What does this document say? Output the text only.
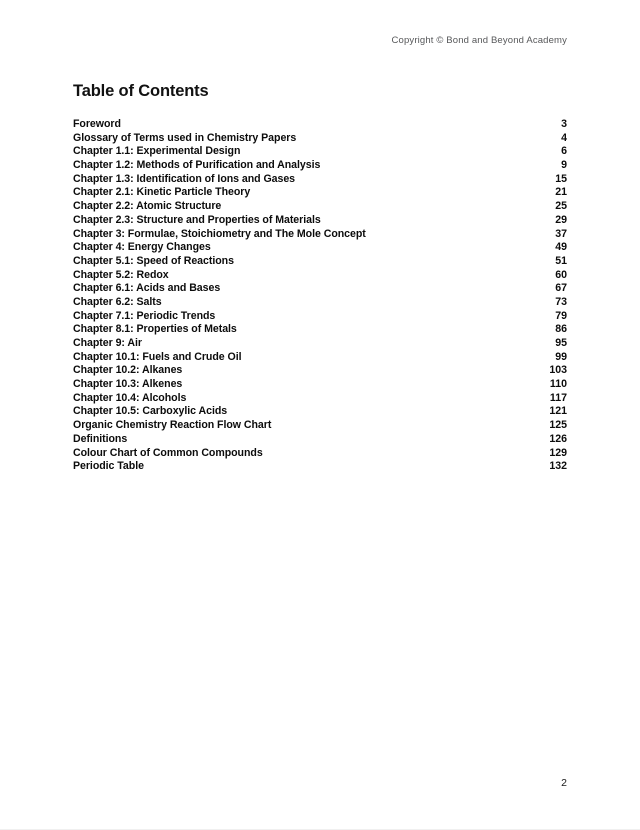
Copyright © Bond and Beyond Academy
Table of Contents
Foreword	3
Glossary of Terms used in Chemistry Papers	4
Chapter 1.1: Experimental Design	6
Chapter 1.2: Methods of Purification and Analysis	9
Chapter 1.3: Identification of Ions and Gases	15
Chapter 2.1: Kinetic Particle Theory	21
Chapter 2.2: Atomic Structure	25
Chapter 2.3: Structure and Properties of Materials	29
Chapter 3: Formulae, Stoichiometry and The Mole Concept	37
Chapter 4: Energy Changes	49
Chapter 5.1: Speed of Reactions	51
Chapter 5.2: Redox	60
Chapter 6.1: Acids and Bases	67
Chapter 6.2: Salts	73
Chapter 7.1: Periodic Trends	79
Chapter 8.1: Properties of Metals	86
Chapter 9: Air	95
Chapter 10.1: Fuels and Crude Oil	99
Chapter 10.2: Alkanes	103
Chapter 10.3: Alkenes	110
Chapter 10.4: Alcohols	117
Chapter 10.5: Carboxylic Acids	121
Organic Chemistry Reaction Flow Chart	125
Definitions	126
Colour Chart of Common Compounds	129
Periodic Table	132
2
